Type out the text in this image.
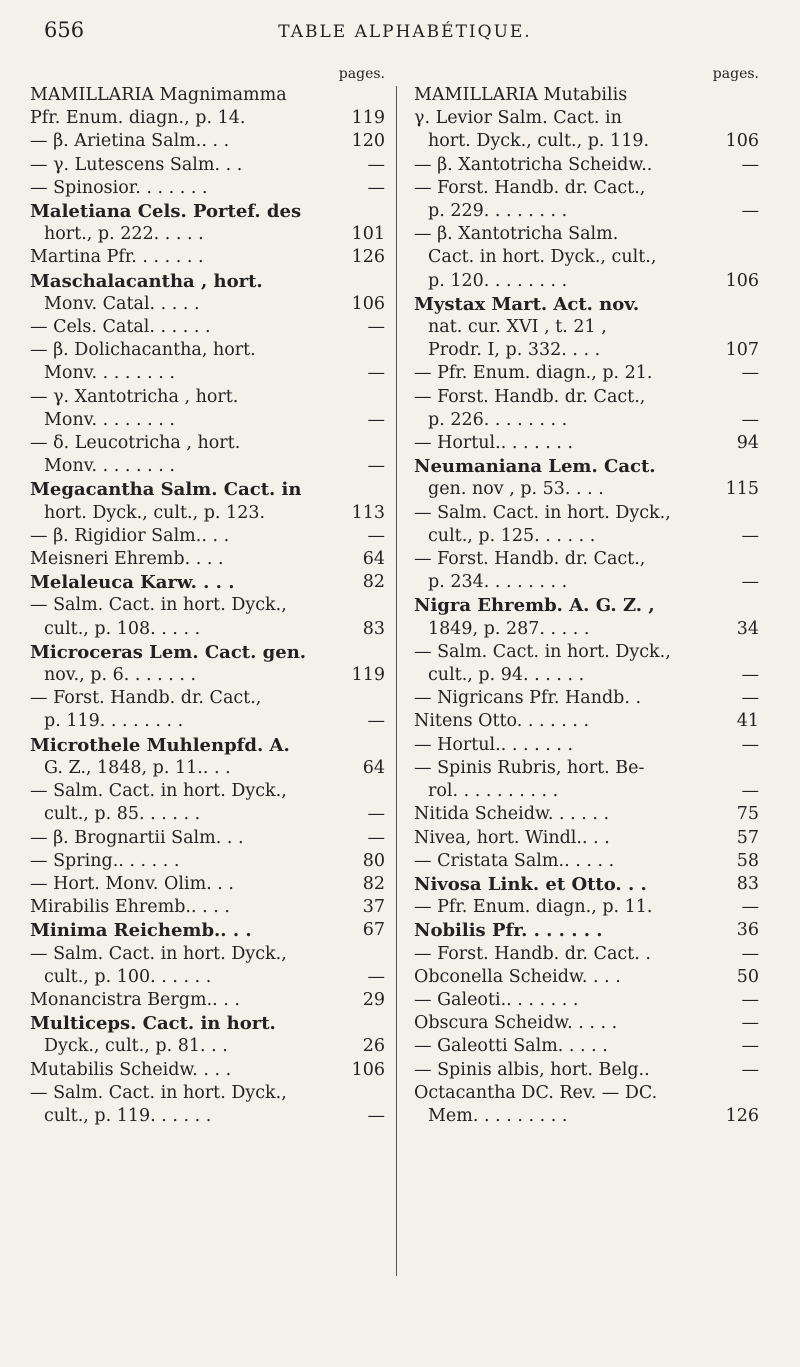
656	TABLE ALPHABÉTIQUE.
pages.
MAMILLARIA Magnimamma
Pfr. Enum. diagn., p. 14.	119
— β. Arietina Salm.. . .	120
— γ. Lutescens Salm. . .	—
— Spinosior. . . . . . .	—
Maletiana Cels. Portef. des
hort., p. 222. . . . .	101
Martina Pfr. . . . . . .	126
Maschalacantha , hort.
Monv. Catal. . . . .	106
— Cels. Catal. . . . . .	—
— β. Dolichacantha, hort.
Monv. . . . . . . .	—
— γ. Xantotricha , hort.
Monv. . . . . . . .	—
— δ. Leucotricha , hort.
Monv. . . . . . . .	—
Megacantha Salm. Cact. in
hort. Dyck., cult., p. 123.	113
— β. Rigidior Salm.. . .	—
Meisneri Ehremb. . . .	64
Melaleuca Karw. . . .	82
— Salm. Cact. in hort. Dyck.,
cult., p. 108. . . . .	83
Microceras Lem. Cact. gen.
nov., p. 6. . . . . . .	119
— Forst. Handb. dr. Cact.,
p. 119. . . . . . . .	—
Microthele Muhlenpfd. A.
G. Z., 1848, p. 11.. . .	64
— Salm. Cact. in hort. Dyck.,
cult., p. 85. . . . . .	—
— β. Brognartii Salm. . .	—
— Spring.. . . . . .	80
— Hort. Monv. Olim. . .	82
Mirabilis Ehremb.. . . .	37
Minima Reichemb.. . .	67
— Salm. Cact. in hort. Dyck.,
cult., p. 100. . . . . .	—
Monancistra Bergm.. . .	29
Multiceps. Cact. in hort.
Dyck., cult., p. 81. . .	26
Mutabilis Scheidw. . . .	106
— Salm. Cact. in hort. Dyck.,
cult., p. 119. . . . . .	—
pages.
MAMILLARIA Mutabilis
γ. Levior Salm. Cact. in
hort. Dyck., cult., p. 119.	106
— β. Xantotricha Scheidw..	—
— Forst. Handb. dr. Cact.,
p. 229. . . . . . . .	—
— β. Xantotricha Salm.
Cact. in hort. Dyck., cult.,
p. 120. . . . . . . .	106
Mystax Mart. Act. nov.
nat. cur. XVI , t. 21 ,
Prodr. I, p. 332. . . .	107
— Pfr. Enum. diagn., p. 21.	—
— Forst. Handb. dr. Cact.,
p. 226. . . . . . . .	—
— Hortul.. . . . . . .	94
Neumaniana Lem. Cact.
gen. nov , p. 53. . . .	115
— Salm. Cact. in hort. Dyck.,
cult., p. 125. . . . . .	—
— Forst. Handb. dr. Cact.,
p. 234. . . . . . . .	—
Nigra Ehremb. A. G. Z. ,
1849, p. 287. . . . .	34
— Salm. Cact. in hort. Dyck.,
cult., p. 94. . . . . .	—
— Nigricans Pfr. Handb. .	—
Nitens Otto. . . . . . .	41
— Hortul.. . . . . . .	—
— Spinis Rubris, hort. Be-
rol. . . . . . . . . .	—
Nitida Scheidw. . . . . .	75
Nivea, hort. Windl.. . .	57
— Cristata Salm.. . . . .	58
Nivosa Link. et Otto. . .	83
— Pfr. Enum. diagn., p. 11.	—
Nobilis Pfr. . . . . . .	36
— Forst. Handb. dr. Cact. .	—
Obconella Scheidw. . . .	50
— Galeoti.. . . . . . .	—
Obscura Scheidw. . . . .	—
— Galeotti Salm. . . . .	—
— Spinis albis, hort. Belg..	—
Octacantha DC. Rev. — DC.
Mem. . . . . . . . .	126
